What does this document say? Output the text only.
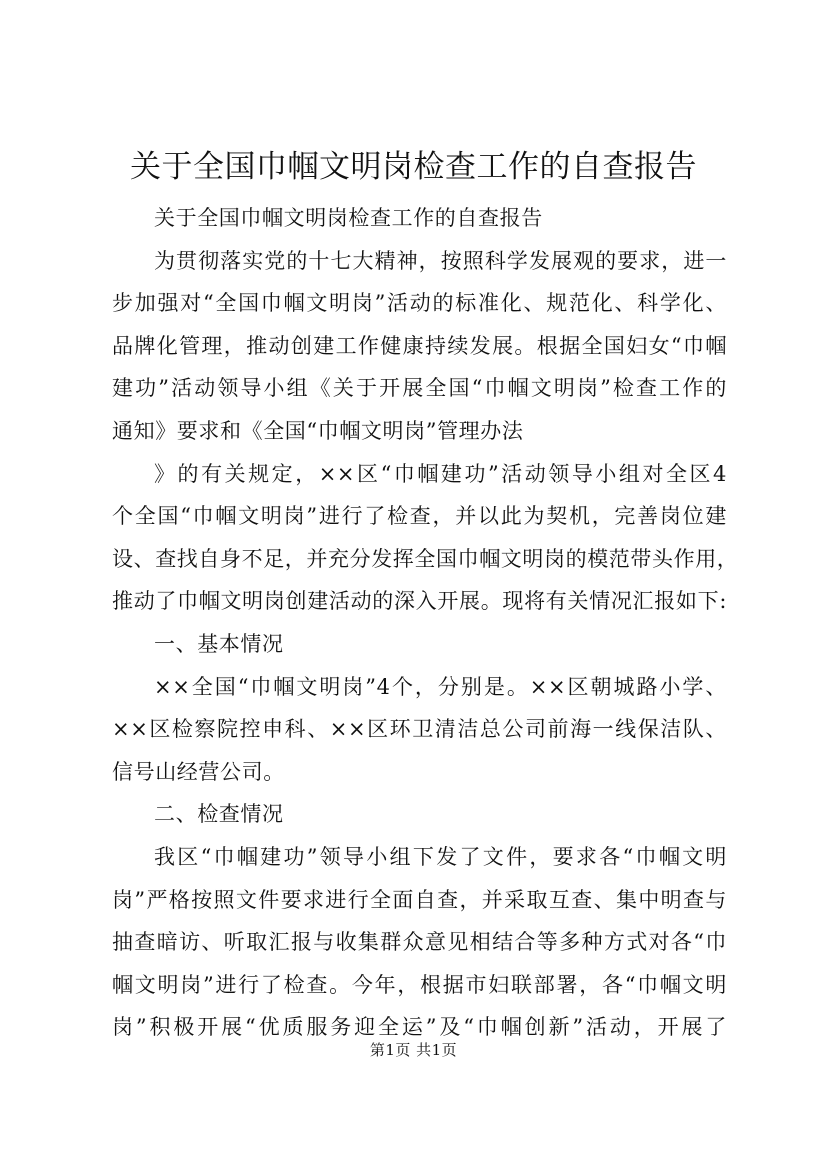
关于全国巾帼文明岗检查工作的自查报告
关于全国巾帼文明岗检查工作的自查报告
为贯彻落实党的十七大精神，按照科学发展观的要求，进一
步加强对“全国巾帼文明岗”活动的标准化、规范化、科学化、
品牌化管理，推动创建工作健康持续发展。根据全国妇女“巾帼
建功”活动领导小组《关于开展全国“巾帼文明岗”检查工作的
通知》要求和《全国“巾帼文明岗”管理办法
》的有关规定，××区“巾帼建功”活动领导小组对全区4
个全国“巾帼文明岗”进行了检查，并以此为契机，完善岗位建
设、查找自身不足，并充分发挥全国巾帼文明岗的模范带头作用，
推动了巾帼文明岗创建活动的深入开展。现将有关情况汇报如下:
一、基本情况
××全国“巾帼文明岗”4个，分别是。××区朝城路小学、
××区检察院控申科、××区环卫清洁总公司前海一线保洁队、
信号山经营公司。
二、检查情况
我区“巾帼建功”领导小组下发了文件，要求各“巾帼文明
岗”严格按照文件要求进行全面自查，并采取互查、集中明查与
抽查暗访、听取汇报与收集群众意见相结合等多种方式对各“巾
帼文明岗”进行了检查。今年，根据市妇联部署，各“巾帼文明
岗”积极开展“优质服务迎全运”及“巾帼创新”活动，开展了
第1页 共1页
